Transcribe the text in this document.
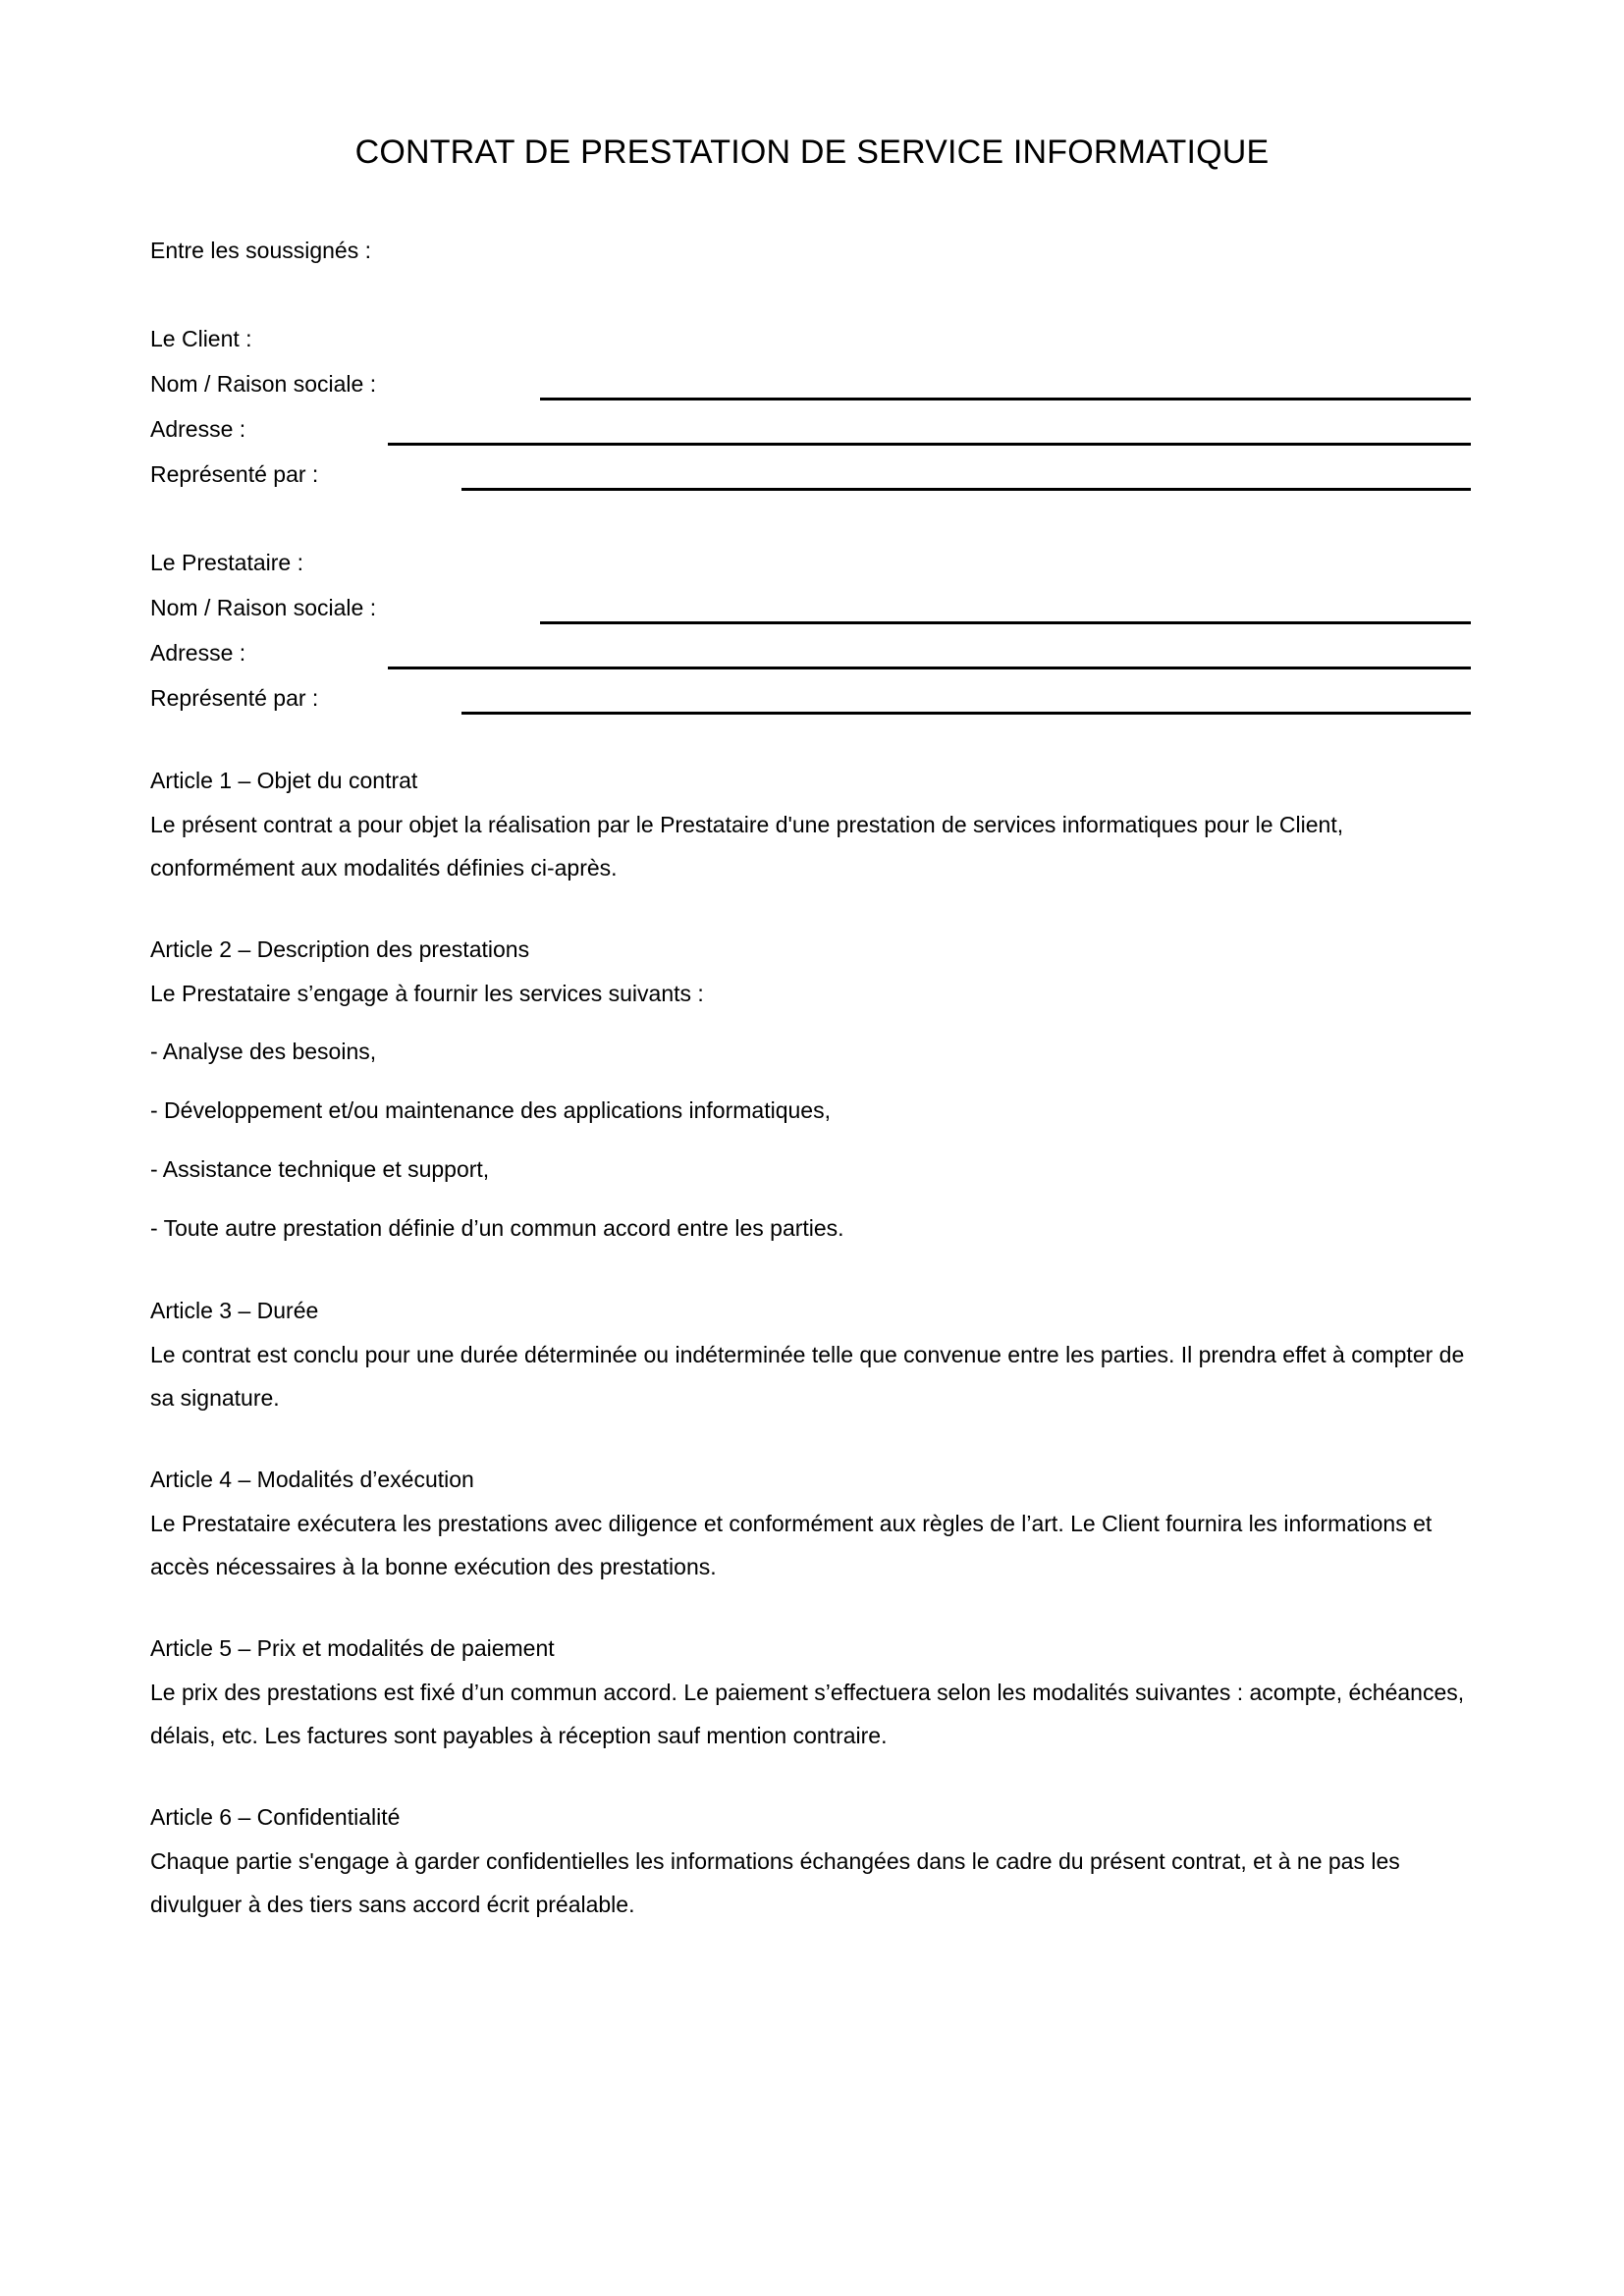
CONTRAT DE PRESTATION DE SERVICE INFORMATIQUE

Entre les soussignés :

Le Client :
Nom / Raison sociale :
Adresse :
Représenté par :
Le Prestataire :
Nom / Raison sociale :
Adresse :
Représenté par :
Article 1 – Objet du contrat

Le présent contrat a pour objet la réalisation par le Prestataire d'une prestation de services informatiques pour le Client, conformément aux modalités définies ci-après.

Article 2 – Description des prestations

Le Prestataire s’engage à fournir les services suivants :

- Analyse des besoins,

- Développement et/ou maintenance des applications informatiques,

- Assistance technique et support,

- Toute autre prestation définie d’un commun accord entre les parties.

Article 3 – Durée

Le contrat est conclu pour une durée déterminée ou indéterminée telle que convenue entre les parties. Il prendra effet à compter de sa signature.

Article 4 – Modalités d’exécution

Le Prestataire exécutera les prestations avec diligence et conformément aux règles de l’art. Le Client fournira les informations et accès nécessaires à la bonne exécution des prestations.

Article 5 – Prix et modalités de paiement

Le prix des prestations est fixé d’un commun accord. Le paiement s’effectuera selon les modalités suivantes : acompte, échéances, délais, etc. Les factures sont payables à réception sauf mention contraire.

Article 6 – Confidentialité

Chaque partie s'engage à garder confidentielles les informations échangées dans le cadre du présent contrat, et à ne pas les divulguer à des tiers sans accord écrit préalable.
